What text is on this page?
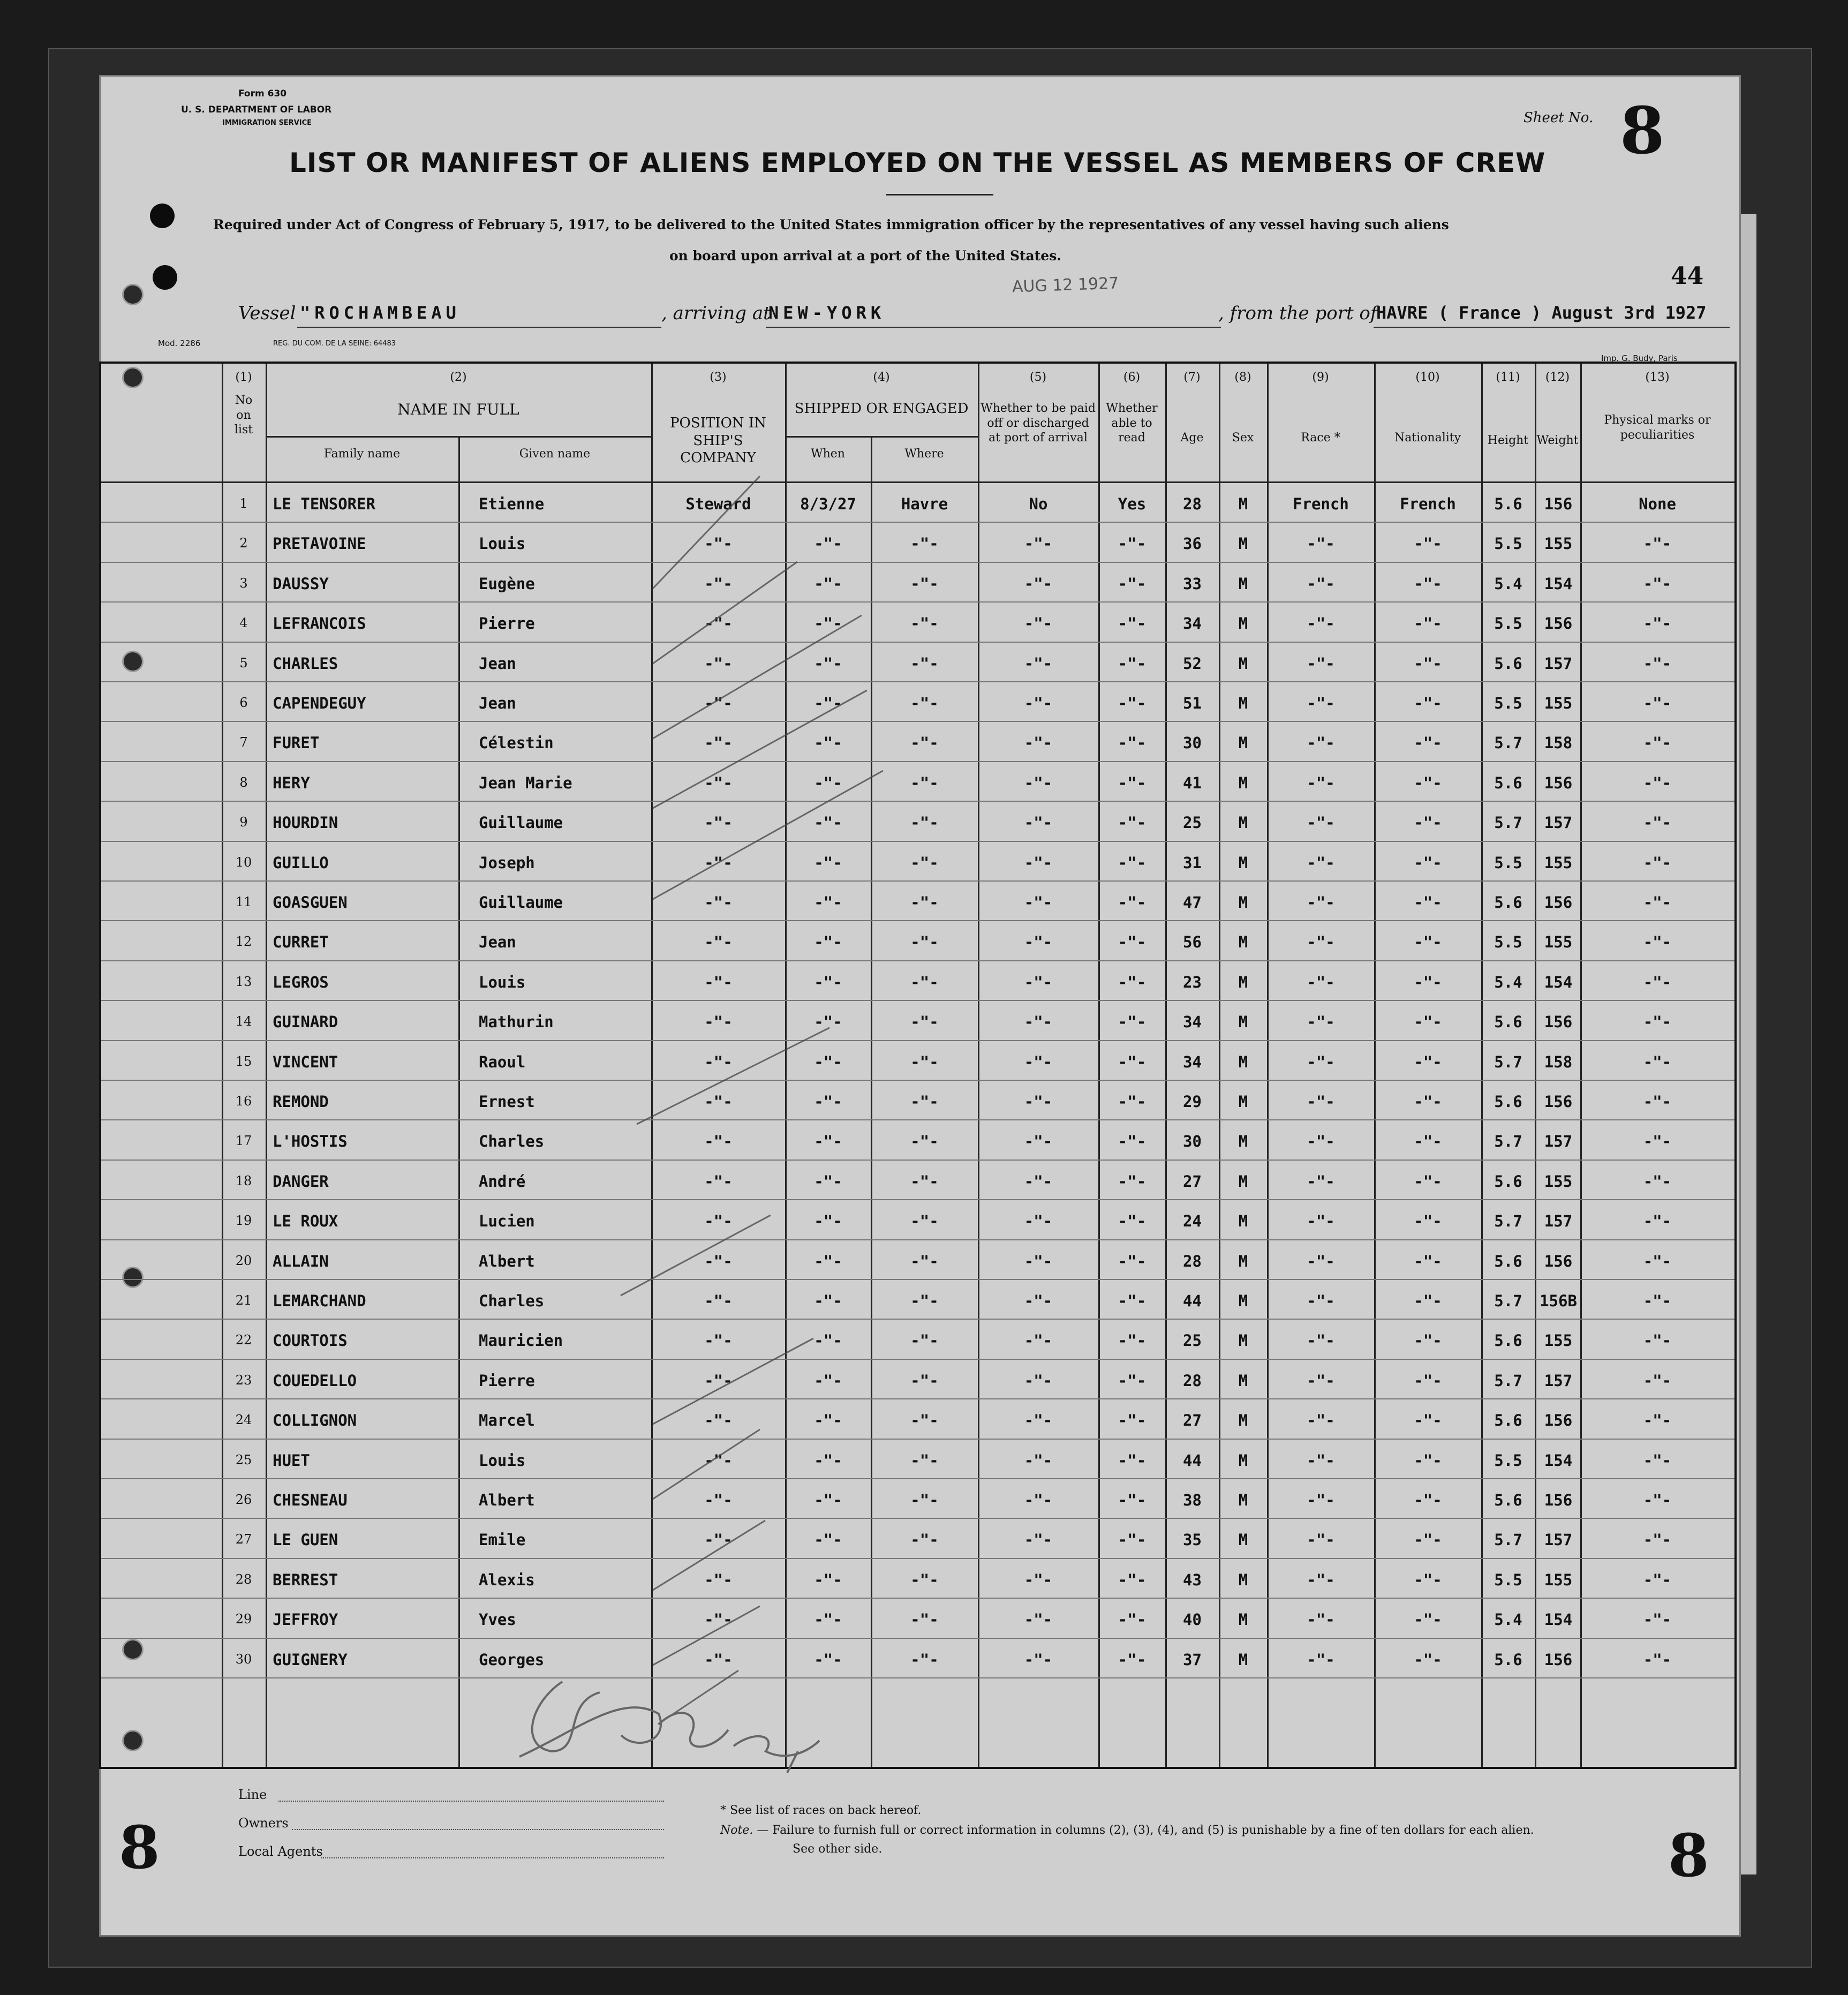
Form 630
U. S. DEPARTMENT OF LABOR
IMMIGRATION SERVICE	Sheet No. 8
LIST OR MANIFEST OF ALIENS EMPLOYED ON THE VESSEL AS MEMBERS OF CREW
Required under Act of Congress of February 5, 1917, to be delivered to the United States immigration officer by the representatives of any vessel having such aliens
on board upon arrival at a port of the United States.
44
AUG 12 1927
Vessel "ROCHAMBEAU	, arriving at
NEW-YORK	, from the port of
HAVRE ( France ) August 3rd 1927
Mod. 2286	REG. DU COM. DE LA SEINE: 64483
Imp. G. Budy, Paris
(1)
No on list
(2)
NAME IN FULL
Family name	Given name
(3)
POSITION IN SHIP'S COMPANY
(4)
SHIPPED OR ENGAGED
When	Where
(5)
Whether to be paid off or discharged at port of arrival
(6)
Whether able to read
(7)
Age
(8)
Sex
(9)
Race *
(10)
Nationality
(11)
Height
(12)
Weight
(13)
Physical marks or peculiarities
1	LE TENSORER	Etienne	Steward	8/3/27	Havre	No	Yes	28	M	French	French	5.6	156	None
2	PRETAVOINE	Louis	-"-	-"-	-"-	-"-	-"-	36	M	-"-	-"-	5.5	155	-"-
3	DAUSSY	Eugène	-"-	-"-	-"-	-"-	-"-	33	M	-"-	-"-	5.4	154	-"-
4	LEFRANCOIS	Pierre	-"-	-"-	-"-	-"-	-"-	34	M	-"-	-"-	5.5	156	-"-
5	CHARLES	Jean	-"-	-"-	-"-	-"-	-"-	52	M	-"-	-"-	5.6	157	-"-
6	CAPENDEGUY	Jean	-"-	-"-	-"-	-"-	-"-	51	M	-"-	-"-	5.5	155	-"-
7	FURET	Célestin	-"-	-"-	-"-	-"-	-"-	30	M	-"-	-"-	5.7	158	-"-
8	HERY	Jean Marie	-"-	-"-	-"-	-"-	-"-	41	M	-"-	-"-	5.6	156	-"-
9	HOURDIN	Guillaume	-"-	-"-	-"-	-"-	-"-	25	M	-"-	-"-	5.7	157	-"-
10	GUILLO	Joseph	-"-	-"-	-"-	-"-	-"-	31	M	-"-	-"-	5.5	155	-"-
11	GOASGUEN	Guillaume	-"-	-"-	-"-	-"-	-"-	47	M	-"-	-"-	5.6	156	-"-
12	CURRET	Jean	-"-	-"-	-"-	-"-	-"-	56	M	-"-	-"-	5.5	155	-"-
13	LEGROS	Louis	-"-	-"-	-"-	-"-	-"-	23	M	-"-	-"-	5.4	154	-"-
14	GUINARD	Mathurin	-"-	-"-	-"-	-"-	-"-	34	M	-"-	-"-	5.6	156	-"-
15	VINCENT	Raoul	-"-	-"-	-"-	-"-	-"-	34	M	-"-	-"-	5.7	158	-"-
16	REMOND	Ernest	-"-	-"-	-"-	-"-	-"-	29	M	-"-	-"-	5.6	156	-"-
17	L'HOSTIS	Charles	-"-	-"-	-"-	-"-	-"-	30	M	-"-	-"-	5.7	157	-"-
18	DANGER	André	-"-	-"-	-"-	-"-	-"-	27	M	-"-	-"-	5.6	155	-"-
19	LE ROUX	Lucien	-"-	-"-	-"-	-"-	-"-	24	M	-"-	-"-	5.7	157	-"-
20	ALLAIN	Albert	-"-	-"-	-"-	-"-	-"-	28	M	-"-	-"-	5.6	156	-"-
21	LEMARCHAND	Charles	-"-	-"-	-"-	-"-	-"-	44	M	-"-	-"-	5.7	156B	-"-
22	COURTOIS	Mauricien	-"-	-"-	-"-	-"-	-"-	25	M	-"-	-"-	5.6	155	-"-
23	COUEDELLO	Pierre	-"-	-"-	-"-	-"-	-"-	28	M	-"-	-"-	5.7	157	-"-
24	COLLIGNON	Marcel	-"-	-"-	-"-	-"-	-"-	27	M	-"-	-"-	5.6	156	-"-
25	HUET	Louis	-"-	-"-	-"-	-"-	-"-	44	M	-"-	-"-	5.5	154	-"-
26	CHESNEAU	Albert	-"-	-"-	-"-	-"-	-"-	38	M	-"-	-"-	5.6	156	-"-
27	LE GUEN	Emile	-"-	-"-	-"-	-"-	-"-	35	M	-"-	-"-	5.7	157	-"-
28	BERREST	Alexis	-"-	-"-	-"-	-"-	-"-	43	M	-"-	-"-	5.5	155	-"-
29	JEFFROY	Yves	-"-	-"-	-"-	-"-	-"-	40	M	-"-	-"-	5.4	154	-"-
30	GUIGNERY	Georges	-"-	-"-	-"-	-"-	-"-	37	M	-"-	-"-	5.6	156	-"-
Line
Owners
Local Agents
* See list of races on back hereof.
Note. — Failure to furnish full or correct information in columns (2), (3), (4), and (5) is punishable by a fine of ten dollars for each alien.
See other side.
8	8
